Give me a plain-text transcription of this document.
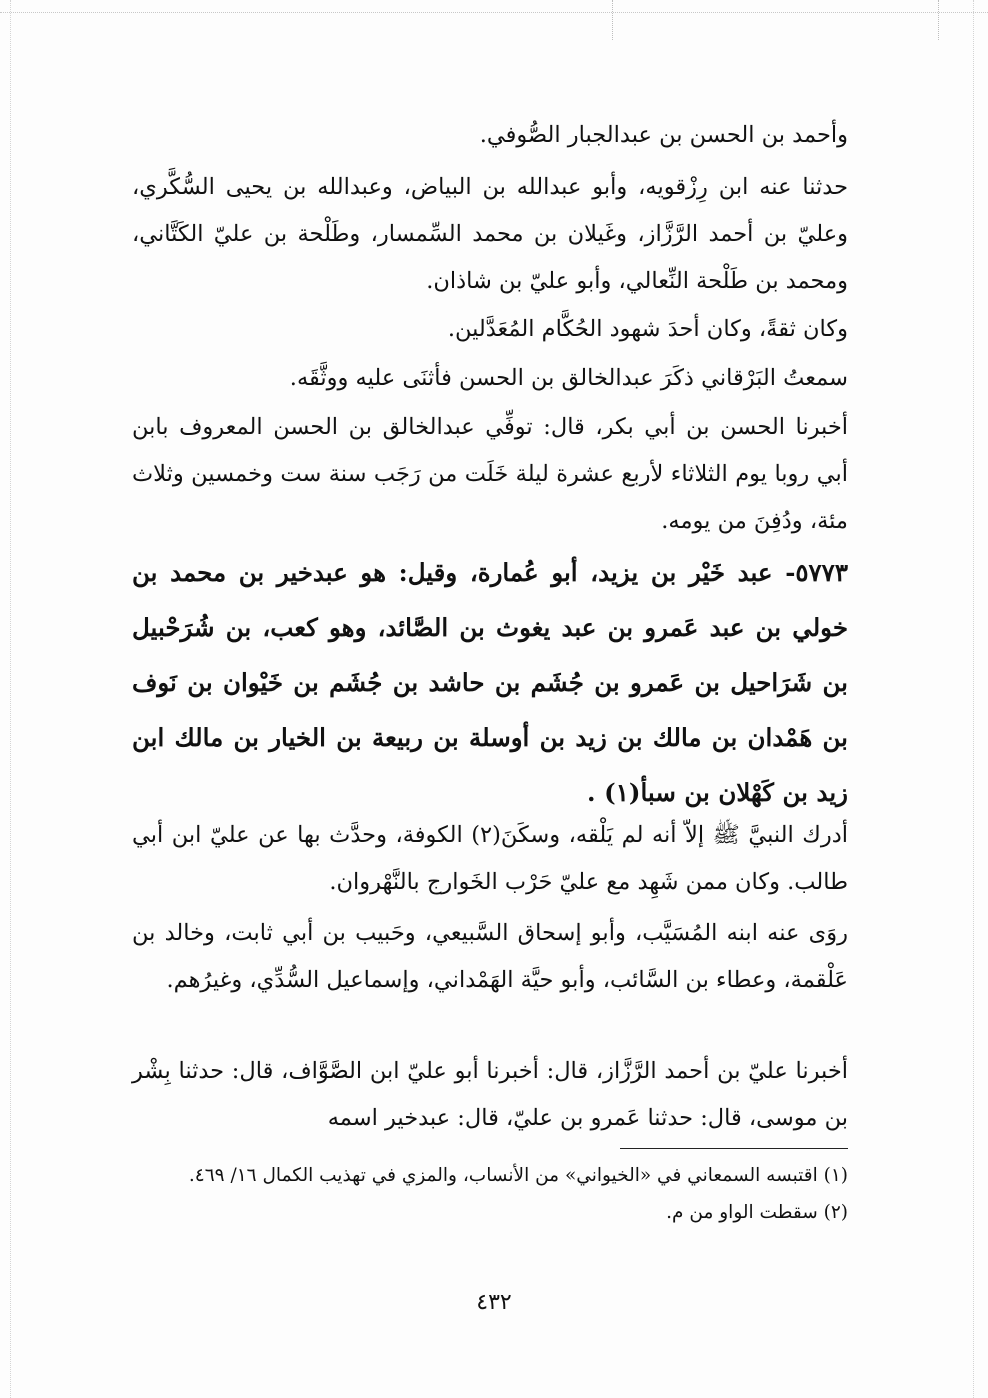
وأحمد بن الحسن بن عبدالجبار الصُّوفي.

حدثنا عنه ابن رِزْقويه، وأبو عبدالله بن البياض، وعبدالله بن يحيى السُّكَّري، وعليّ بن أحمد الرَّزَّاز، وغَيلان بن محمد السِّمسار، وطَلْحة بن عليّ الكَتَّاني، ومحمد بن طَلْحة النِّعالي، وأبو عليّ بن شاذان.

وكان ثقةً، وكان أحدَ شهود الحُكَّام المُعَدَّلين.

سمعتُ البَرْقاني ذكَرَ عبدالخالق بن الحسن فأثنَى عليه ووثَّقَه.

أخبرنا الحسن بن أبي بكر، قال: توفِّي عبدالخالق بن الحسن المعروف بابن أبي روبا يوم الثلاثاء لأربع عشرة ليلة خَلَت من رَجَب سنة ست وخمسين وثلاث مئة، ودُفِنَ من يومه.

٥٧٧٣- عبد خَيْر بن يزيد، أبو عُمارة، وقيل: هو عبدخير بن محمد بن خولي بن عبد عَمرو بن عبد يغوث بن الصَّائد، وهو كعب، بن شُرَحْبيل بن شَرَاحيل بن عَمرو بن جُشَم بن حاشد بن جُشَم بن خَيْوان بن نَوف بن هَمْدان بن مالك بن زيد بن أوسلة بن ربيعة بن الخيار بن مالك ابن زيد بن كَهْلان بن سبأ(١) .

أدرك النبيَّ ﷺ إلاّ أنه لم يَلْقه، وسكَنَ(٢) الكوفة، وحدَّث بها عن عليّ ابن أبي طالب. وكان ممن شَهِد مع عليّ حَرْب الخَوارج بالنَّهْروان.

روَى عنه ابنه المُسَيَّب، وأبو إسحاق السَّبيعي، وحَبيب بن أبي ثابت، وخالد بن عَلْقمة، وعطاء بن السَّائب، وأبو حيَّة الهَمْداني، وإسماعيل السُّدِّي، وغيرُهم.

أخبرنا عليّ بن أحمد الرَّزَّاز، قال: أخبرنا أبو عليّ ابن الصَّوَّاف، قال: حدثنا بِشْر بن موسى، قال: حدثنا عَمرو بن عليّ، قال: عبدخير اسمه

(١) اقتبسه السمعاني في «الخيواني» من الأنساب، والمزي في تهذيب الكمال ١٦/ ٤٦٩.

(٢) سقطت الواو من م.

٤٣٢
